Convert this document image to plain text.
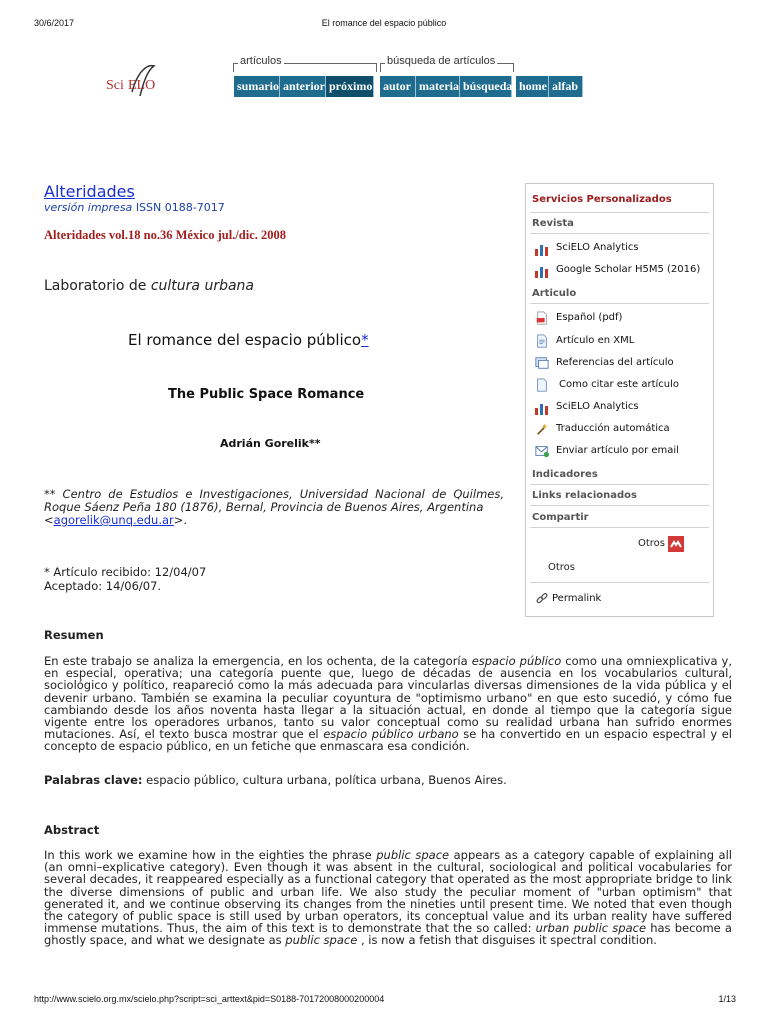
30/6/2017	El romance del espacio público
Sci ELO
artículos	búsqueda de artículos
sumario anterior próximo autor materia búsqueda home alfab
Alteridades
versión impresa ISSN 0188-7017
Alteridades vol.18 no.36 México jul./dic. 2008
Laboratorio de cultura urbana
El romance del espacio público*
The Public Space Romance
Adrián Gorelik**
** Centro de Estudios e Investigaciones, Universidad Nacional de Quilmes, Roque Sáenz Peña 180 (1876), Bernal, Provincia de Buenos Aires, Argentina
<agorelik@unq.edu.ar>.
* Artículo recibido: 12/04/07
Aceptado: 14/06/07.
Resumen
En este trabajo se analiza la emergencia, en los ochenta, de la categoría espacio público como una omniexplicativa y, en especial, operativa; una categoría puente que, luego de décadas de ausencia en los vocabularios cultural, sociológico y político, reapareció como la más adecuada para vincularlas diversas dimensiones de la vida pública y el devenir urbano. También se examina la peculiar coyuntura de "optimismo urbano" en que esto sucedió, y cómo fue cambiando desde los años noventa hasta llegar a la situación actual, en donde al tiempo que la categoría sigue vigente entre los operadores urbanos, tanto su valor conceptual como su realidad urbana han sufrido enormes mutaciones. Así, el texto busca mostrar que el espacio público urbano se ha convertido en un espacio espectral y el concepto de espacio público, en un fetiche que enmascara esa condición.
Palabras clave: espacio público, cultura urbana, política urbana, Buenos Aires.
Abstract
In this work we examine how in the eighties the phrase public space appears as a category capable of explaining all (an omni–explicative category). Even though it was absent in the cultural, sociological and political vocabularies for several decades, it reappeared especially as a functional category that operated as the most appropriate bridge to link the diverse dimensions of public and urban life. We also study the peculiar moment of "urban optimism" that generated it, and we continue observing its changes from the nineties until present time. We noted that even though the category of public space is still used by urban operators, its conceptual value and its urban reality have suffered immense mutations. Thus, the aim of this text is to demonstrate that the so called: urban public space has become a ghostly space, and what we designate as public space , is now a fetish that disguises it spectral condition.
Servicios Personalizados
Revista
SciELO Analytics
Google Scholar H5M5 (2016)
Articulo
Español (pdf)
Artículo en XML
Referencias del artículo
Como citar este artículo
SciELO Analytics
Traducción automática
Enviar artículo por email
Indicadores
Links relacionados
Compartir
Otros
Otros
Permalink
http://www.scielo.org.mx/scielo.php?script=sci_arttext&pid=S0188-70172008000200004	1/13
